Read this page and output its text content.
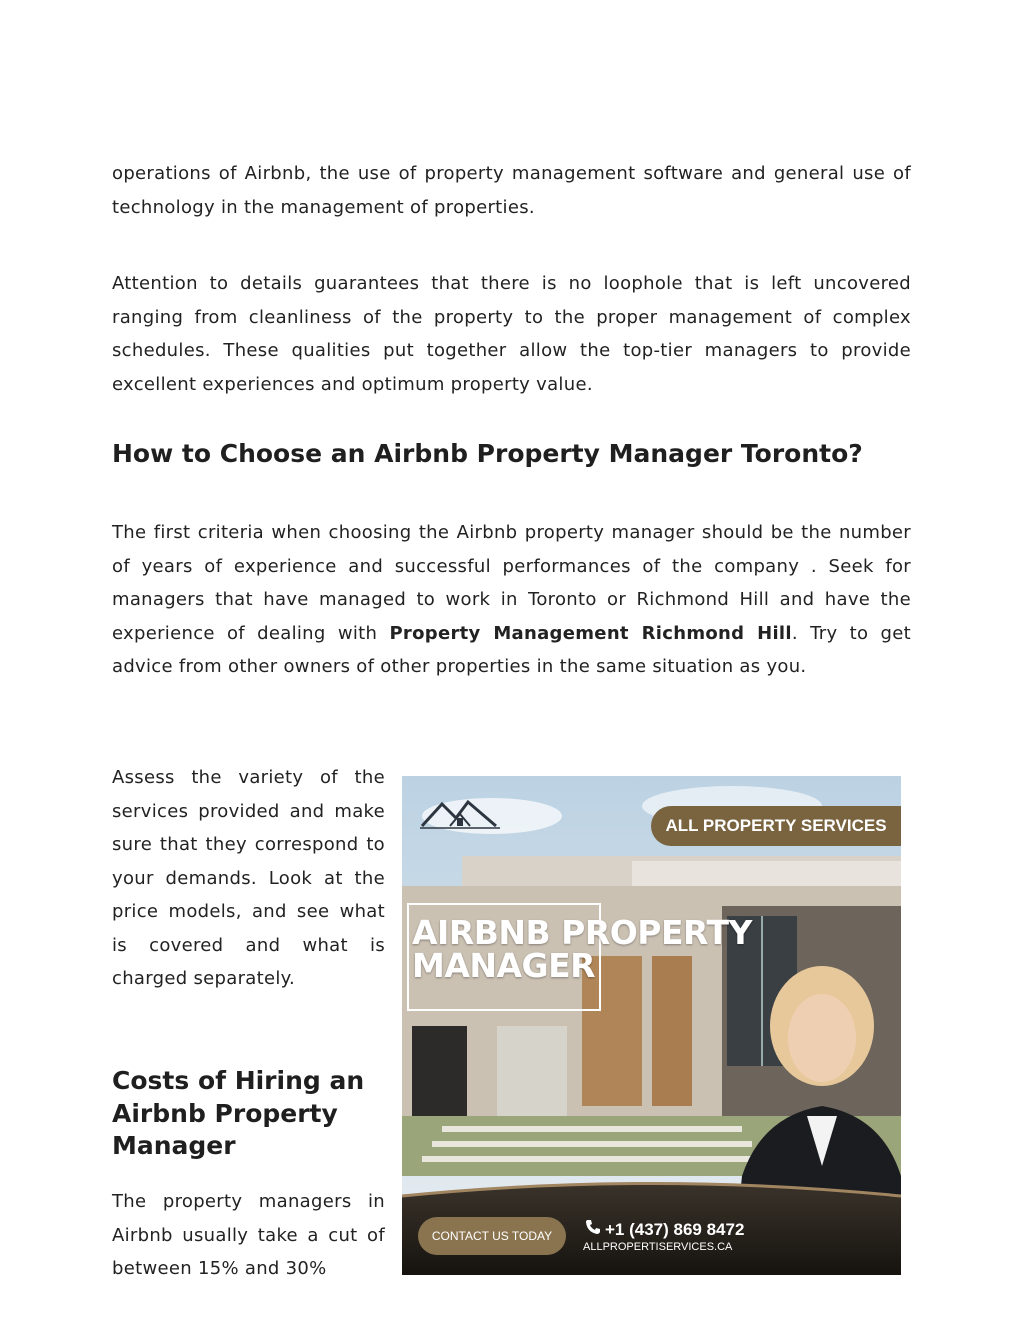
operations of Airbnb, the use of property management software and general use of technology in the management of properties.

Attention to details guarantees that there is no loophole that is left uncovered ranging from cleanliness of the property to the proper management of complex schedules. These qualities put together allow the top-tier managers to provide excellent experiences and optimum property value.

How to Choose an Airbnb Property Manager Toronto?

The first criteria when choosing the Airbnb property manager should be the number of years of experience and successful performances of the company . Seek for managers that have managed to work in Toronto or Richmond Hill and have the experience of dealing with Property Management Richmond Hill. Try to get advice from other owners of other properties in the same situation as you.

Assess the variety of the services provided and make sure that they correspond to your demands. Look at the price models, and see what is covered and what is charged separately.

Costs of Hiring an Airbnb Property Manager

The property managers in Airbnb usually take a cut of between 15% and 30%

ALL PROPERTY SERVICES
AIRBNB PROPERTY
MANAGER
CONTACT US TODAY	+1 (437) 869 8472
ALLPROPERTISERVICES.CA
